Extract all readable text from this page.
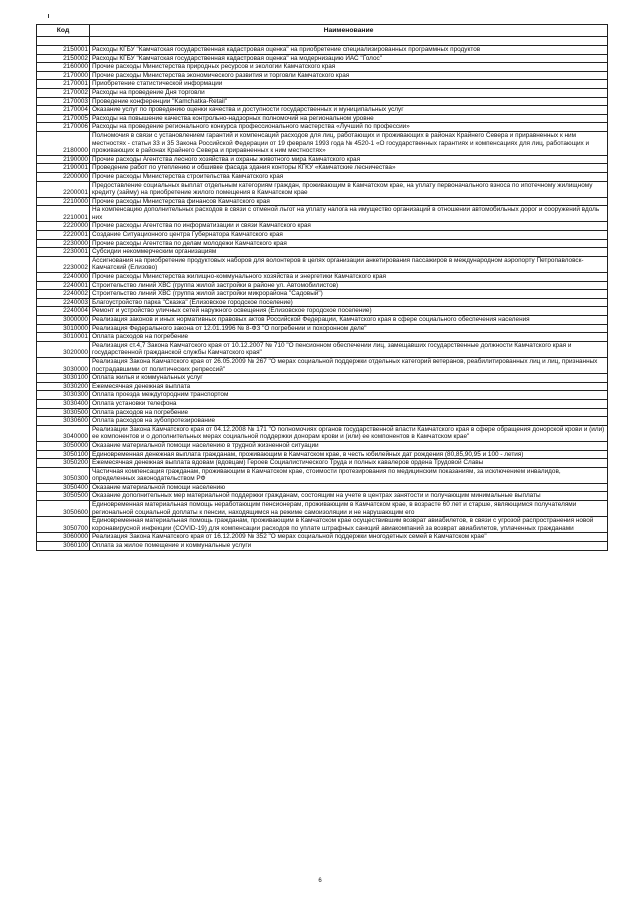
Код	Наименование

2150001	Расходы КГБУ "Камчатская государственная кадастровая оценка" на приобретение специализированных программных продуктов
2150002	Расходы КГБУ "Камчатская государственная кадастровая оценка" на модернизацию ИАС "Голос"
2160000	Прочие расходы Министерства природных ресурсов и экологии Камчатского края
2170000	Прочие расходы Министерства экономического развития и торговли Камчатского края
2170001	Приобретение статистической информации
2170002	Расходы на проведение Дня торговли
2170003	Проведение конференции "Kamchatka-Retail"
2170004	Оказание услуг по проведению оценки качества и доступности государственных и муниципальных услуг
2170005	Расходы на повышение качества контрольно-надзорных полномочий на региональном уровне
2170006	Расходы на проведение регионального конкурса профессионального мастерства «Лучший по профессии»
2180000	Полномочия в связи с установлением гарантий и компенсаций расходов для лиц, работающих и проживающих в районах Крайнего Севера и приравненных к ним местностях - статьи 33 и 35 Закона Российской Федерации от 19 февраля 1993 года № 4520-1 «О государственных гарантиях и компенсациях для лиц, работающих и проживающих в районах Крайнего Севера и приравненных к ним местностях»
2190000	Прочие расходы Агентства лесного хозяйства и охраны животного мира Камчатского края
2190001	Проведение работ по утеплению и обшивке фасада здания конторы КГКУ «Камчатские лесничества»
2200000	Прочие расходы Министерства строительства Камчатского края
2200001	Предоставление социальных выплат отдельным категориям граждан, проживающим в Камчатском крае, на уплату первоначального взноса по ипотечному жилищному кредиту (займу) на приобретение жилого помещения в Камчатском крае
2210000	Прочие расходы Министерства финансов Камчатского края
2210001	На компенсацию дополнительных расходов в связи с отменой льгот на уплату налога на имущество организаций в отношении автомобильных дорог и сооружений вдоль них
2220000	Прочие расходы Агентства по информатизации и связи Камчатского края
2220001	Создание Ситуационного центра Губернатора Камчатского края
2230000	Прочие расходы Агентства по делам молодежи Камчатского края
2230001	Субсидии некоммерческим организациям
2230002	Ассигнования на приобретение продуктовых наборов для волонтеров в целях организации анкетирования пассажиров в международном аэропорту Петропавловск-Камчатский (Елизово)
2240000	Прочие расходы Министерства жилищно-коммунального хозяйства и энергетики Камчатского края
2240001	Строительство линий ХВС (группа жилой застройки в районе ул. Автомобилистов)
2240002	Строительство линий ХВС (группа жилой застройки микрорайона "Садовый")
2240003	Благоустройство парка "Сказка" (Елизовское городское поселение)
2240004	Ремонт и устройство уличных сетей наружного освещения (Елизовское городское поселение)
3000000	Реализация законов и иных нормативных правовых актов Российской Федерации, Камчатского края в сфере социального обеспечения населения
3010000	Реализация Федерального закона от 12.01.1996 № 8-ФЗ "О погребении и похоронном деле"
3010001	Оплата расходов на погребение
3020000	Реализация ст.4,7 Закона Камчатского края от 10.12.2007 № 710 "О пенсионном обеспечении лиц, замещавших государственные должности Камчатского края и государственной гражданской службы Камчатского края"
3030000	Реализация Закона Камчатского края от 26.05.2009 № 267 "О мерах социальной поддержки отдельных категорий ветеранов, реабилитированных лиц и лиц, признанных пострадавшими от политических репрессий"
3030100	Оплата жилья и коммунальных услуг
3030200	Ежемесячная денежная выплата
3030300	Оплата проезда междугородним транспортом
3030400	Оплата установки телефона
3030500	Оплата расходов на погребение
3030600	Оплата расходов на зубопротезирование
3040000	Реализации Закона Камчатского края от 04.12.2008 № 171 "О полномочиях органов государственной власти Камчатского края в сфере обращения донорской крови и (или) ее компонентов и о дополнительных мерах социальной поддержки донорам крови и (или) ее компонентов в Камчатском крае"
3050000	Оказание материальной помощи населению в трудной жизненной ситуации
3050100	Единовременная денежная выплата гражданам, проживающим в Камчатском крае, в честь юбилейных дат рождения (80,85,90,95 и 100 - летия)
3050200	Ежемесячная денежная выплата вдовам (вдовцам) Героев Социалистического Труда и полных кавалеров ордена Трудовой Славы
3050300	Частичная компенсация гражданам, проживающим в Камчатском крае, стоимости протезирования по медицинским показаниям, за исключением инвалидов, определенных законодательством РФ
3050400	Оказание материальной помощи населению
3050500	Оказание дополнительных мер материальной поддержки гражданам, состоящим на учете в центрах занятости и получающим минимальные выплаты
3050600	Единовременная материальная помощь неработающим пенсионерам, проживающим в Камчатском крае, в возрасте 60 лет и старше, являющимся получателями региональной социальной доплаты к пенсии, находящимся на режиме самоизоляции и не нарушающим его
3050700	Единовременная материальная помощь гражданам, проживающим в Камчатском крае осуществившим возврат авиабилетов, в связи с угрозой распространения новой коронавирусной инфекции (COVID-19) для компенсации расходов по уплате штрафных санкций авиакомпаний за возврат авиабилетов, уплаченных гражданами
3060000	Реализация Закона Камчатского края от 16.12.2009 № 352 "О мерах социальной поддержки многодетных семей в Камчатском крае"
3060100	Оплата за жилое помещение и коммунальные услуги
6
